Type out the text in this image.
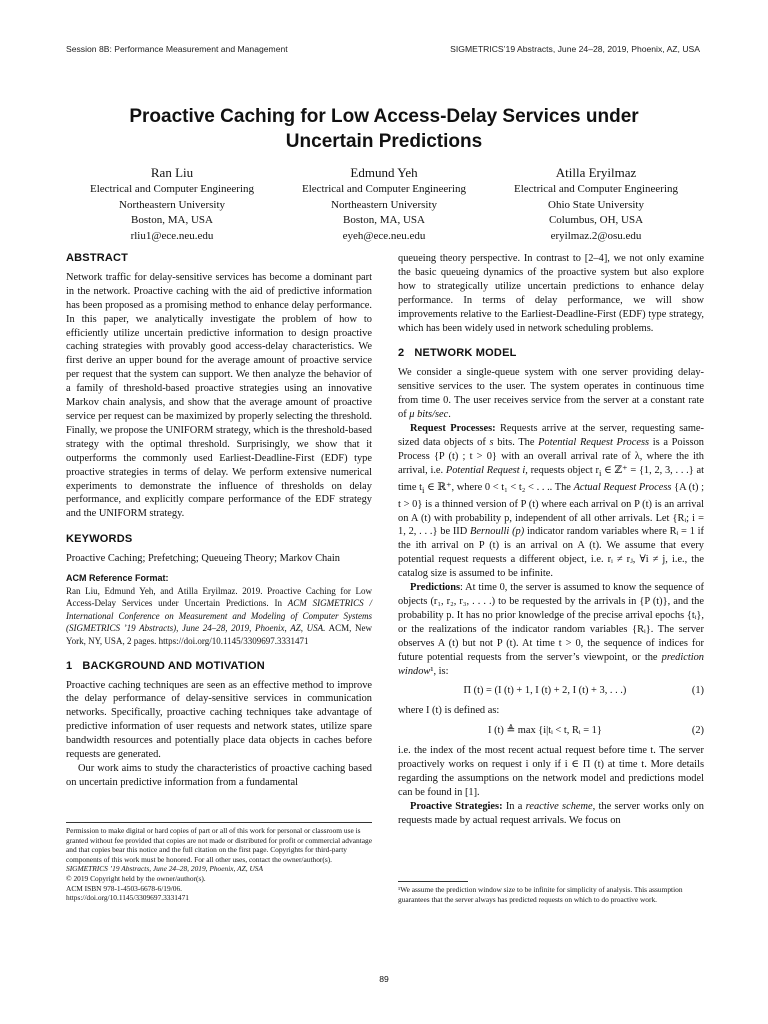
Session 8B: Performance Measurement and Management	SIGMETRICS’19 Abstracts, June 24–28, 2019, Phoenix, AZ, USA
Proactive Caching for Low Access-Delay Services under
Uncertain Predictions
Ran Liu
Electrical and Computer Engineering
Northeastern University
Boston, MA, USA
rliu1@ece.neu.edu
Edmund Yeh
Electrical and Computer Engineering
Northeastern University
Boston, MA, USA
eyeh@ece.neu.edu
Atilla Eryilmaz
Electrical and Computer Engineering
Ohio State University
Columbus, OH, USA
eryilmaz.2@osu.edu
ABSTRACT

Network traffic for delay-sensitive services has become a dominant part in the network. Proactive caching with the aid of predictive information has been proposed as a promising method to enhance delay performance. In this paper, we analytically investigate the problem of how to efficiently utilize uncertain predictive information to design proactive caching strategies with provably good access-delay characteristics. We first derive an upper bound for the average amount of proactive service per request that the system can support. We then analyze the behavior of a family of threshold-based proactive strategies using an innovative Markov chain analysis, and show that the average amount of proactive service per request can be maximized by properly selecting the threshold. Finally, we propose the UNIFORM strategy, which is the threshold-based strategy with the optimal threshold. Surprisingly, we show that it outperforms the commonly used Earliest-Deadline-First (EDF) type proactive strategies in terms of delay. We perform extensive numerical experiments to demonstrate the influence of thresholds on delay performance, and explicitly compare performance of the EDF strategy and the UNIFORM strategy.

KEYWORDS

Proactive Caching; Prefetching; Queueing Theory; Markov Chain

ACM Reference Format:
Ran Liu, Edmund Yeh, and Atilla Eryilmaz. 2019. Proactive Caching for Low Access-Delay Services under Uncertain Predictions. In ACM SIGMETRICS / International Conference on Measurement and Modeling of Computer Systems (SIGMETRICS ’19 Abstracts), June 24–28, 2019, Phoenix, AZ, USA. ACM, New York, NY, USA, 2 pages. https://doi.org/10.1145/3309697.3331471
1 BACKGROUND AND MOTIVATION

Proactive caching techniques are seen as an effective method to improve the delay performance of delay-sensitive services in communication networks. Specifically, proactive caching techniques take advantage of predictive information of user requests and network states, utilize spare bandwidth resources and potentially place data objects in caches before requests are generated.

Our work aims to study the characteristics of proactive caching based on uncertain predictive information from a fundamental

queueing theory perspective. In contrast to [2–4], we not only examine the basic queueing dynamics of the proactive system but also explore how to strategically utilize uncertain predictions to enhance delay performance. In terms of delay performance, we will show improvements relative to the Earliest-Deadline-First (EDF) type strategy, which has been widely used in network scheduling problems.

2 NETWORK MODEL

We consider a single-queue system with one server providing delay-sensitive services to the user. The system operates in continuous time from time 0. The user receives service from the server at a constant rate of μ bits/sec.

Request Processes: Requests arrive at the server, requesting same-sized data objects of s bits. The Potential Request Process is a Poisson Process {P (t) ; t > 0} with an overall arrival rate of λ, where the ith arrival, i.e. Potential Request i, requests object $r_i$ ∈ ℤ⁺ = {1, 2, 3, . . .} at time $t_i$ ∈ ℝ⁺, where 0 < t₁ < t₂ < . . .. The Actual Request Process {A (t) ; t > 0} is a thinned version of P (t) where each arrival on P (t) is an arrival on A (t) with probability p, independent of all other arrivals. Let {Rᵢ; i = 1, 2, . . .} be IID Bernoulli (p) indicator random variables where Rᵢ = 1 if the ith arrival on P (t) is an arrival on A (t). We assume that every potential request requests a different object, i.e. rᵢ ≠ rⱼ, ∀i ≠ j, i.e., the catalog size is assumed to be infinite.

Predictions: At time 0, the server is assumed to know the sequence of objects (r₁, r₂, r₃, . . . .) to be requested by the arrivals in {P (t)}, and the probability p. It has no prior knowledge of the precise arrival epochs {tᵢ}, or the realizations of the indicator random variables {Rᵢ}. The server observes A (t) but not P (t). At time t > 0, the sequence of indices for future potential requests from the server’s viewpoint, or the prediction window¹, is:

Π (t) = (I (t) + 1, I (t) + 2, I (t) + 3, . . .)	(1)

where I (t) is defined as:

I (t) ≜ max {i|tᵢ < t, Rᵢ = 1}	(2)

i.e. the index of the most recent actual request before time t. The server proactively works on request i only if i ∈ Π (t) at time t. More details regarding the assumptions on the network model and predictions model can be found in [1].

Proactive Strategies: In a reactive scheme, the server works only on requests made by actual request arrivals. We focus on

Permission to make digital or hard copies of part or all of this work for personal or classroom use is granted without fee provided that copies are not made or distributed for profit or commercial advantage and that copies bear this notice and the full citation on the first page. Copyrights for third-party components of this work must be honored. For all other uses, contact the owner/author(s).
SIGMETRICS ’19 Abstracts, June 24–28, 2019, Phoenix, AZ, USA
© 2019 Copyright held by the owner/author(s).
ACM ISBN 978-1-4503-6678-6/19/06.
https://doi.org/10.1145/3309697.3331471
¹We assume the prediction window size to be infinite for simplicity of analysis. This assumption guarantees that the server always has predicted requests on which to do proactive work.
89
